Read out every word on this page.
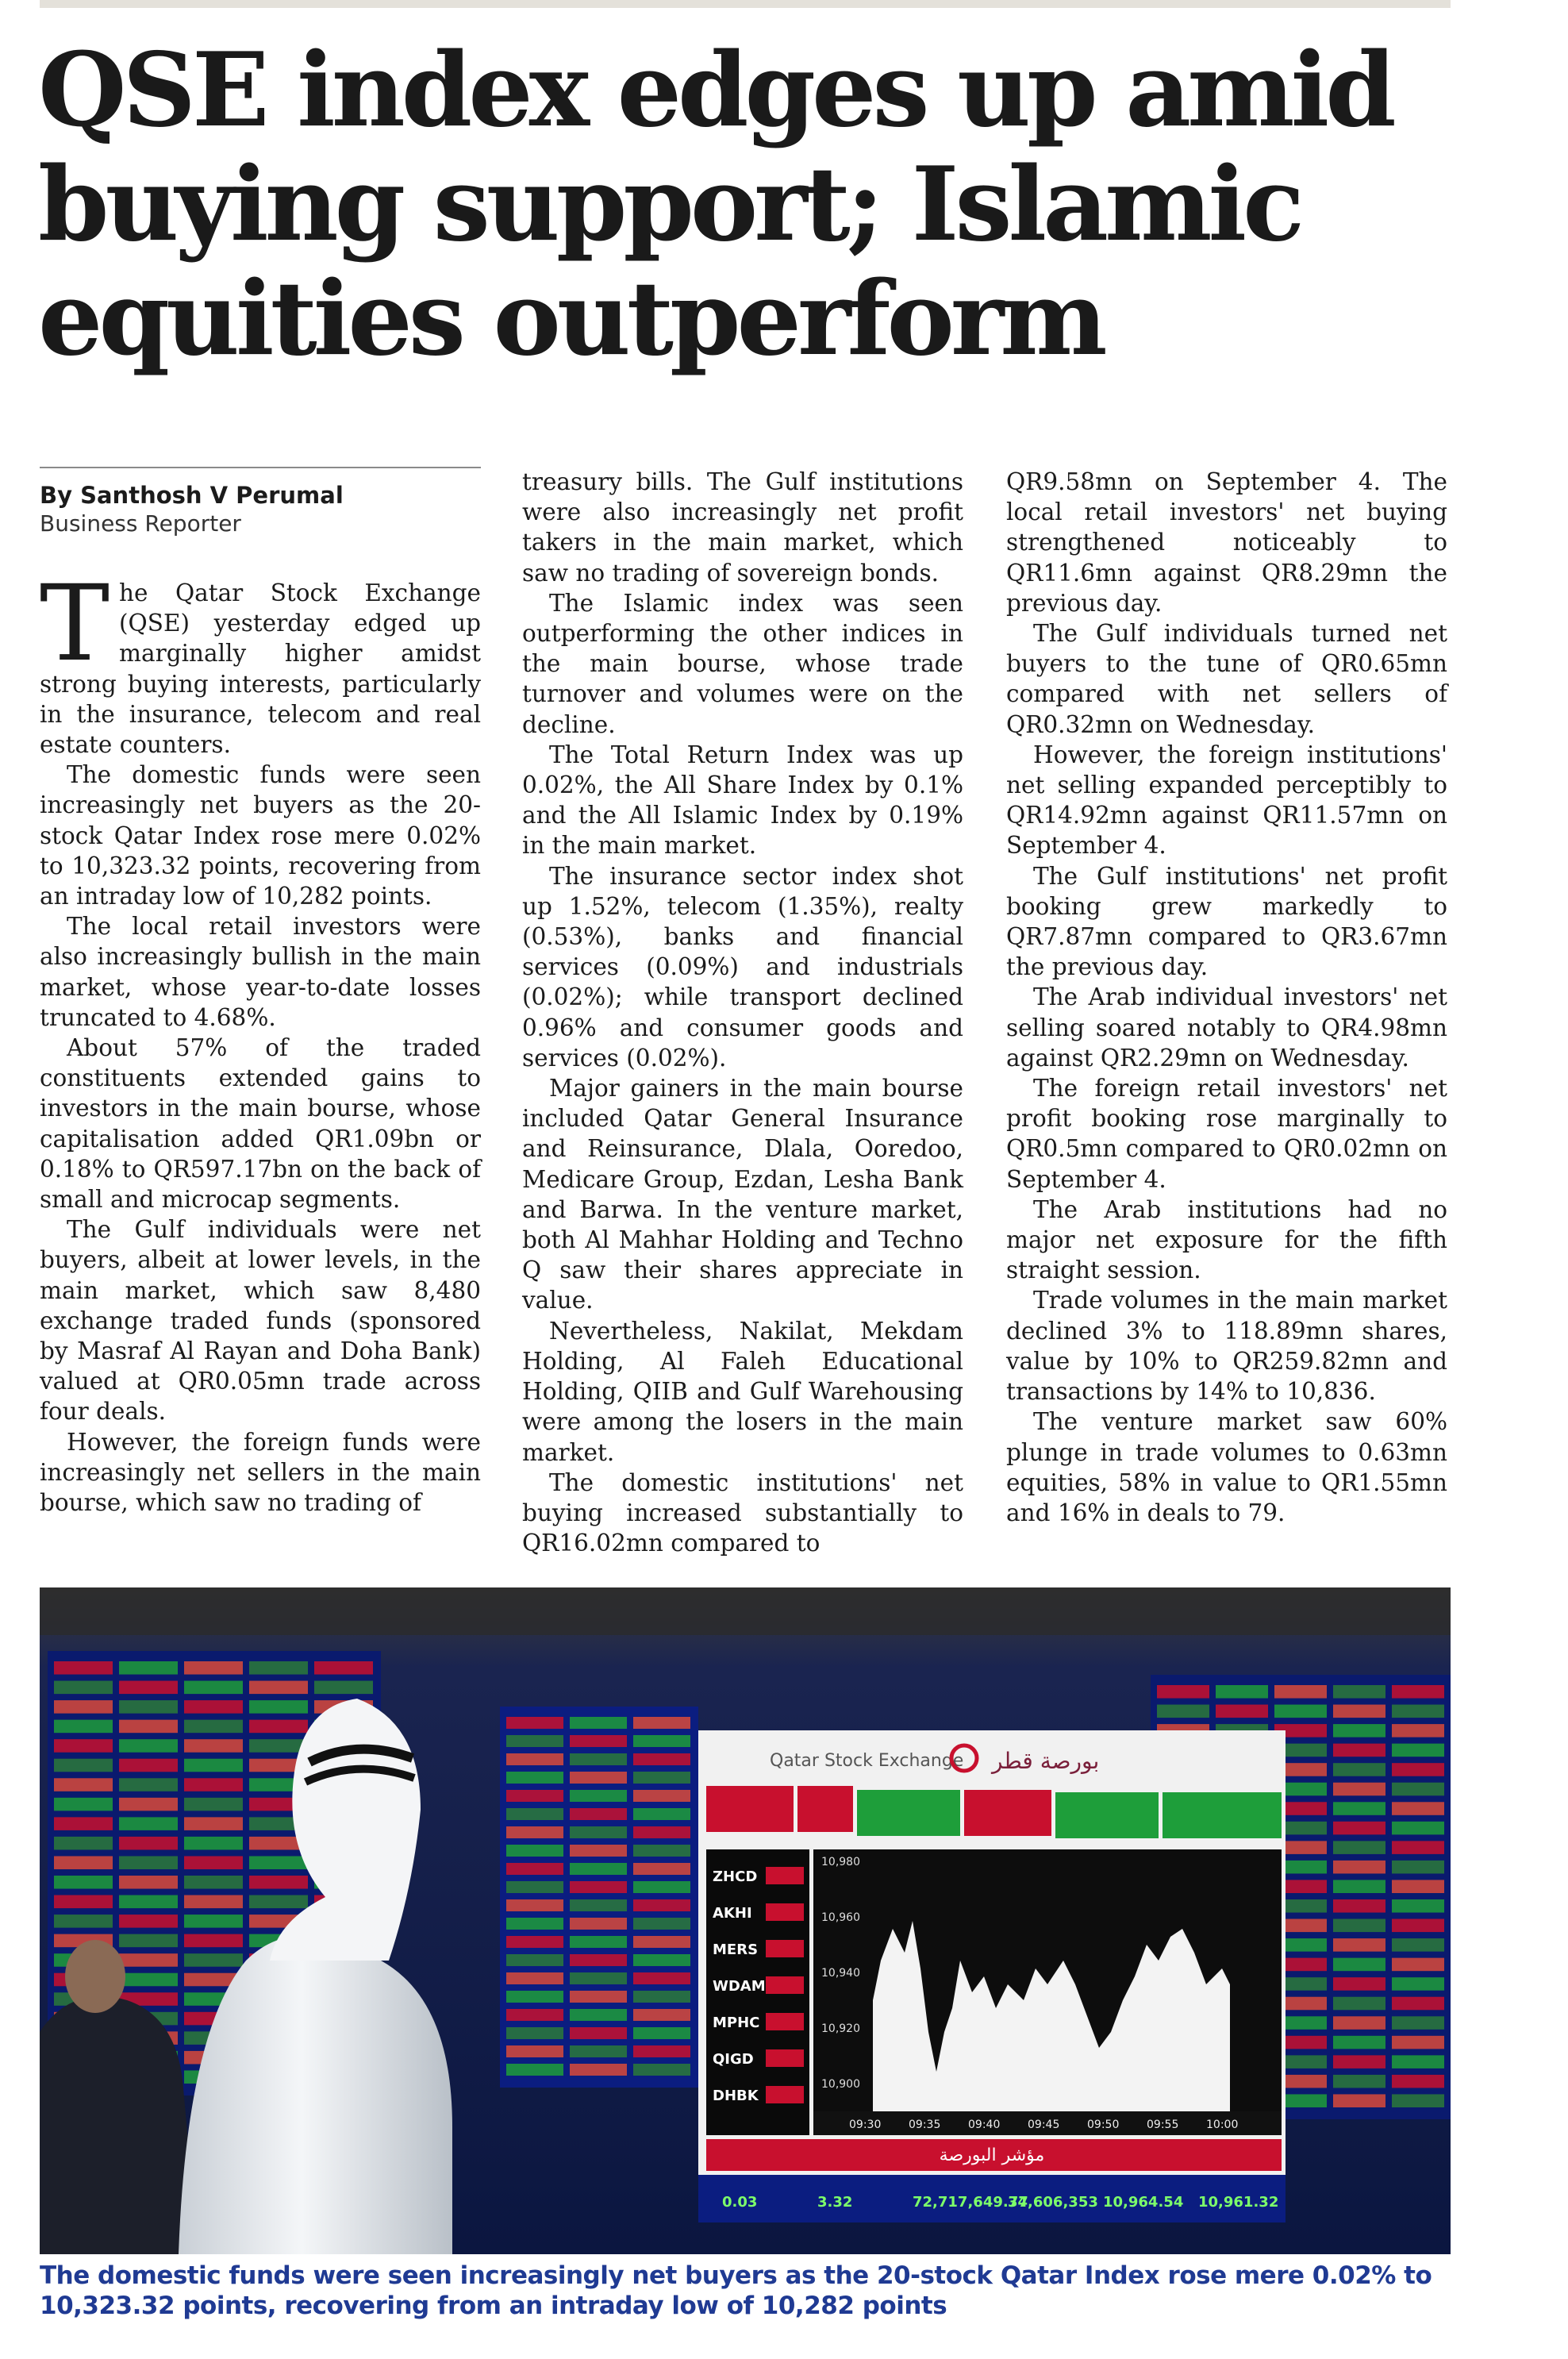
QSE index edges up amid buying support; Islamic equities outperform
By Santhosh V Perumal
Business Reporter

The Qatar Stock Exchange (QSE) yesterday edged up marginally higher amidst strong buying interests, particularly in the insurance, telecom and real estate counters.

The domestic funds were seen increasingly net buyers as the 20-stock Qatar Index rose mere 0.02% to 10,323.32 points, recovering from an intraday low of 10,282 points.

The local retail investors were also increasingly bullish in the main market, whose year-to-date losses truncated to 4.68%.

About 57% of the traded constituents extended gains to investors in the main bourse, whose capitalisation added QR1.09bn or 0.18% to QR597.17bn on the back of small and microcap segments.

The Gulf individuals were net buyers, albeit at lower levels, in the main market, which saw 8,480 exchange traded funds (sponsored by Masraf Al Rayan and Doha Bank) valued at QR0.05mn trade across four deals.

However, the foreign funds were increasingly net sellers in the main bourse, which saw no trading of

treasury bills. The Gulf institutions were also increasingly net profit takers in the main market, which saw no trading of sovereign bonds.

The Islamic index was seen outperforming the other indices in the main bourse, whose trade turnover and volumes were on the decline.

The Total Return Index was up 0.02%, the All Share Index by 0.1% and the All Islamic Index by 0.19% in the main market.

The insurance sector index shot up 1.52%, telecom (1.35%), realty (0.53%), banks and financial services (0.09%) and industrials (0.02%); while transport declined 0.96% and consumer goods and services (0.02%).

Major gainers in the main bourse included Qatar General Insurance and Reinsurance, Dlala, Ooredoo, Medicare Group, Ezdan, Lesha Bank and Barwa. In the venture market, both Al Mahhar Holding and Techno Q saw their shares appreciate in value.

Nevertheless, Nakilat, Mekdam Holding, Al Faleh Educational Holding, QIIB and Gulf Warehousing were among the losers in the main market.

The domestic institutions' net buying increased substantially to QR16.02mn compared to

QR9.58mn on September 4. The local retail investors' net buying strengthened noticeably to QR11.6mn against QR8.29mn the previous day.

The Gulf individuals turned net buyers to the tune of QR0.65mn compared with net sellers of QR0.32mn on Wednesday.

However, the foreign institutions' net selling expanded perceptibly to QR14.92mn against QR11.57mn on September 4.

The Gulf institutions' net profit booking grew markedly to QR7.87mn compared to QR3.67mn the previous day.

The Arab individual investors' net selling soared notably to QR4.98mn against QR2.29mn on Wednesday.

The foreign retail investors' net profit booking rose marginally to QR0.5mn compared to QR0.02mn on September 4.

The Arab institutions had no major net exposure for the fifth straight session.

Trade volumes in the main market declined 3% to 118.89mn shares, value by 10% to QR259.82mn and transactions by 14% to 10,836.

The venture market saw 60% plunge in trade volumes to 0.63mn equities, 58% in value to QR1.55mn and 16% in deals to 79.

Qatar Stock Exchange بورصة قطر
ZHCD
AKHI
MERS
WDAM
MPHC
QIGD
DHBK
10,980
10,960
10,940
10,920
10,900
09:30 09:35 09:40 09:45 09:50 09:55 10:00
مؤشر البورصة
0.03	3.32	72,717,649.77
34,606,353 10,964.54 10,961.32

The domestic funds were seen increasingly net buyers as the 20-stock Qatar Index rose mere 0.02% to 10,323.32 points, recovering from an intraday low of 10,282 points
